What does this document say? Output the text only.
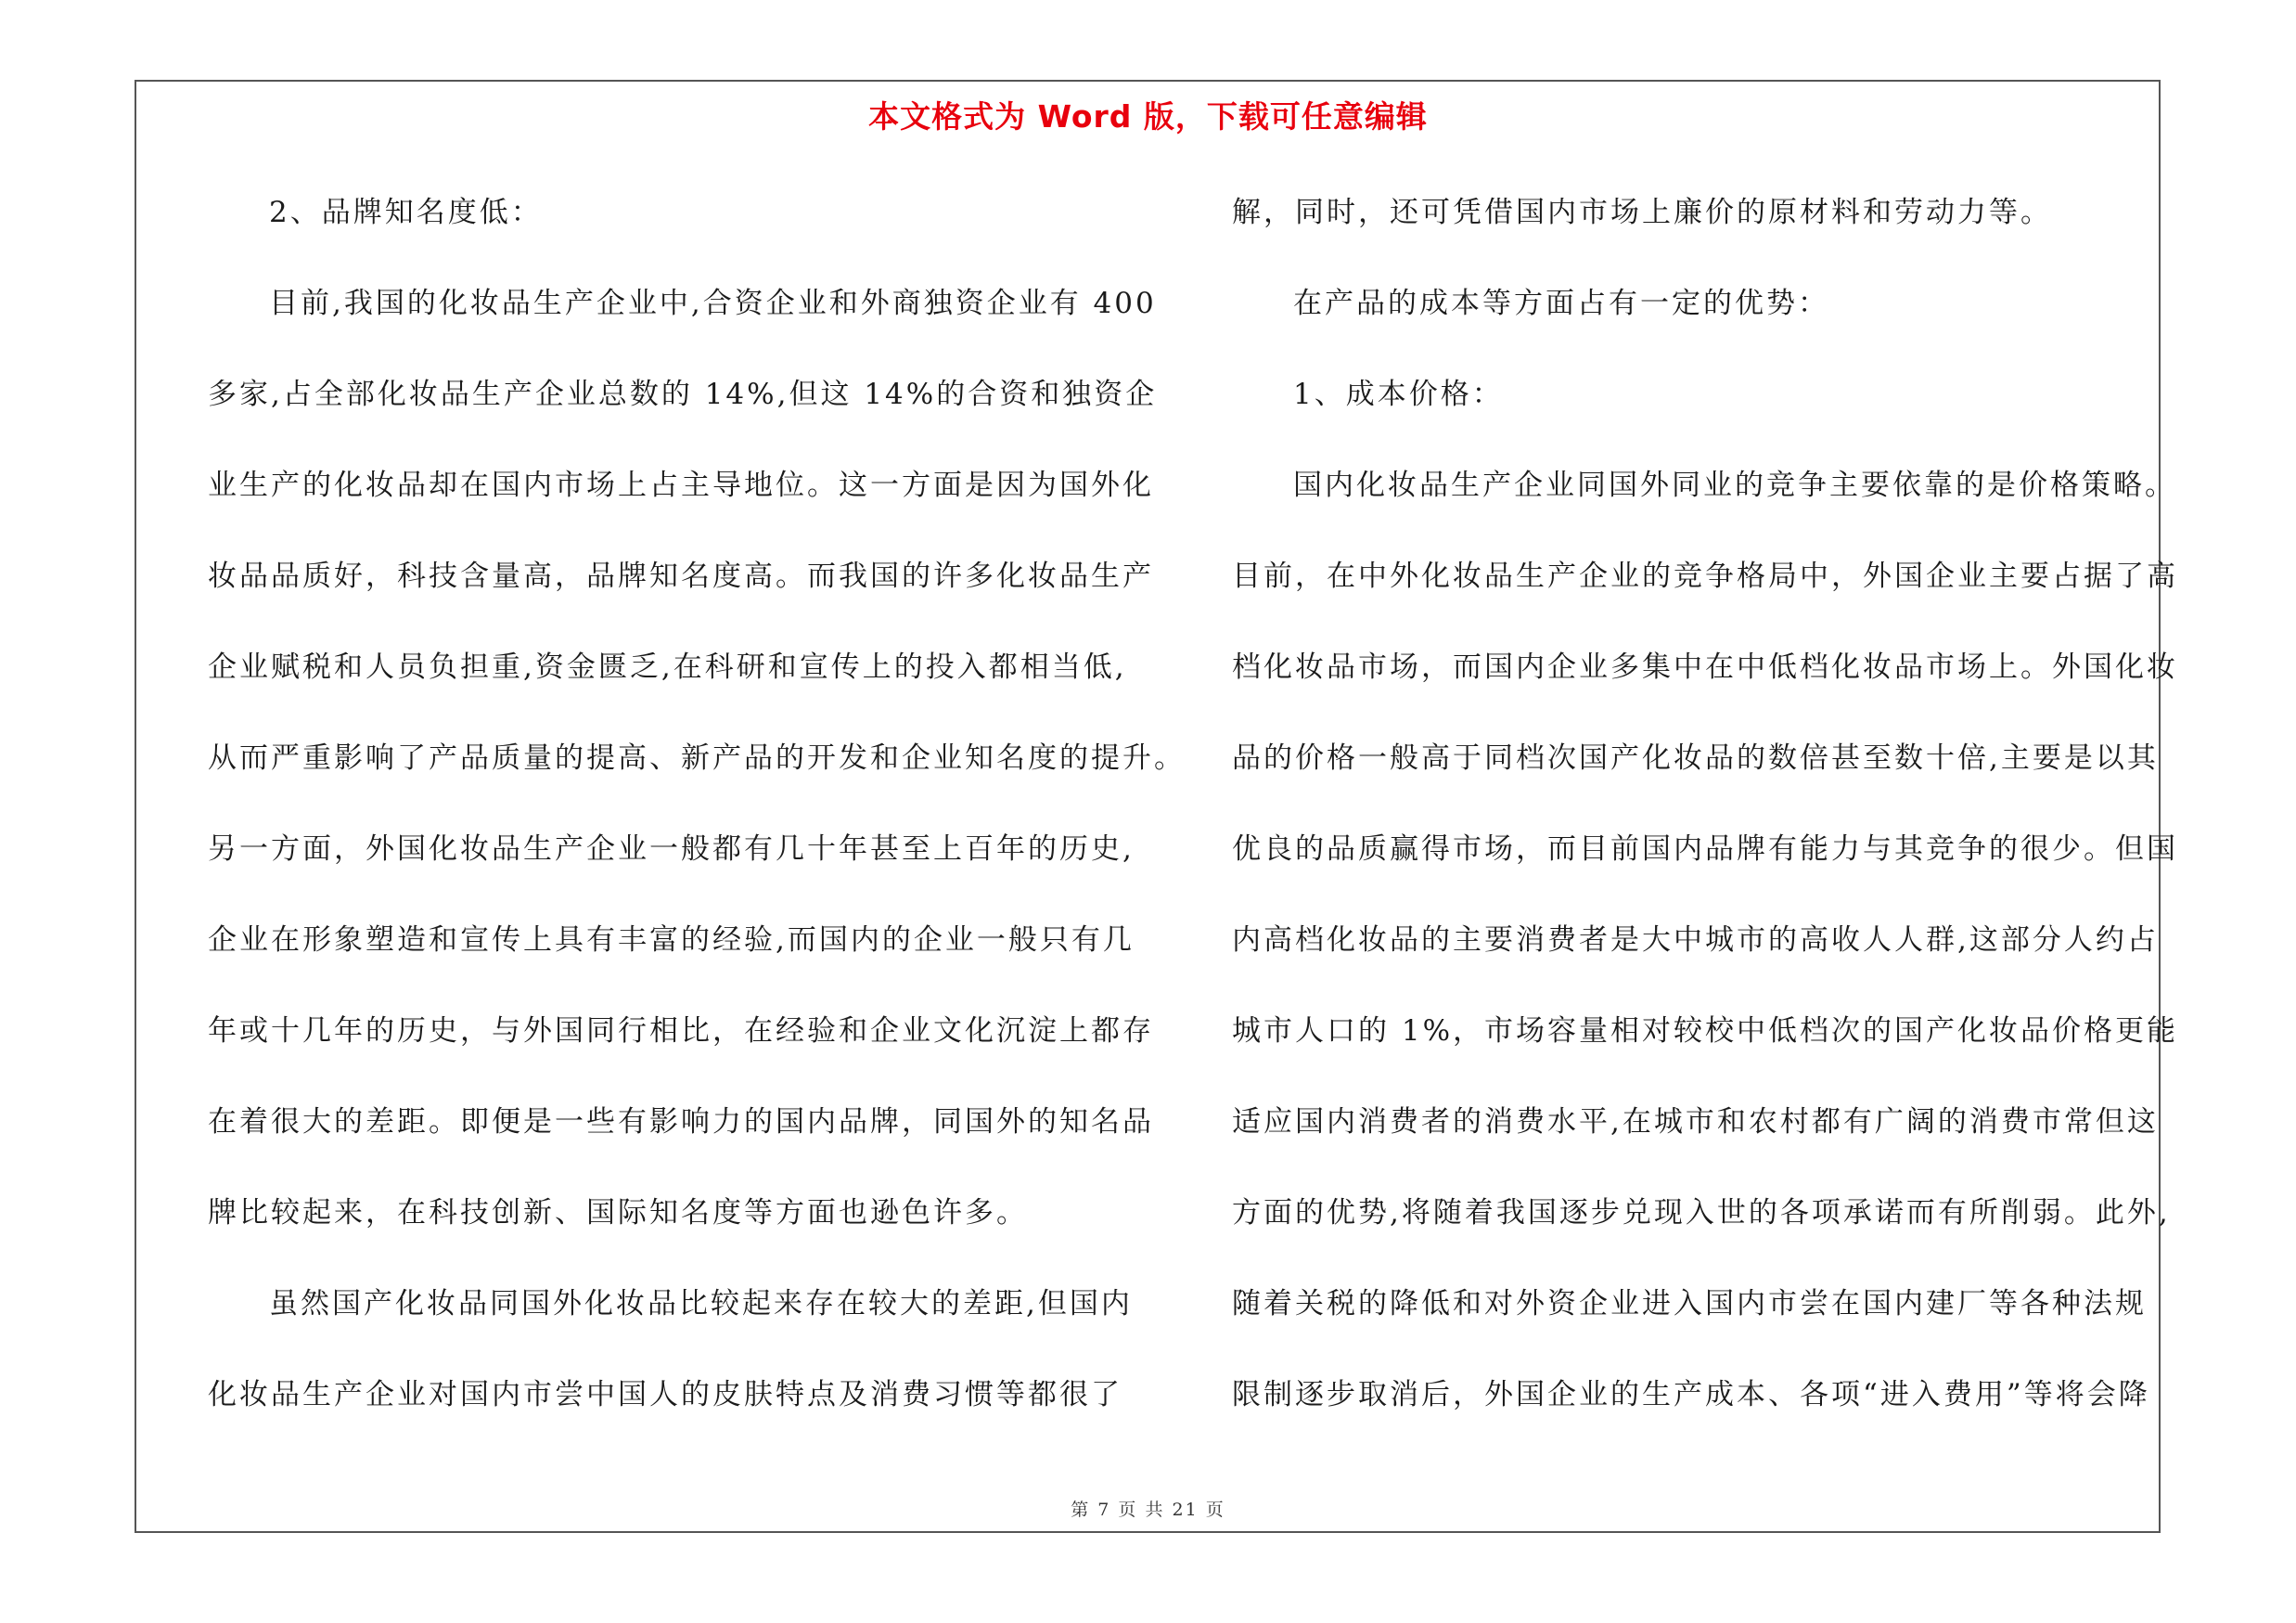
本文格式为 Word 版，下载可任意编辑
2、品牌知名度低：
目前,我国的化妆品生产企业中,合资企业和外商独资企业有 400
多家,占全部化妆品生产企业总数的 14%,但这 14%的合资和独资企
业生产的化妆品却在国内市场上占主导地位。这一方面是因为国外化
妆品品质好，科技含量高，品牌知名度高。而我国的许多化妆品生产
企业赋税和人员负担重,资金匮乏,在科研和宣传上的投入都相当低,
从而严重影响了产品质量的提高、新产品的开发和企业知名度的提升。
另一方面，外国化妆品生产企业一般都有几十年甚至上百年的历史,
企业在形象塑造和宣传上具有丰富的经验,而国内的企业一般只有几
年或十几年的历史，与外国同行相比，在经验和企业文化沉淀上都存
在着很大的差距。即便是一些有影响力的国内品牌，同国外的知名品
牌比较起来，在科技创新、国际知名度等方面也逊色许多。
虽然国产化妆品同国外化妆品比较起来存在较大的差距,但国内
化妆品生产企业对国内市尝中国人的皮肤特点及消费习惯等都很了
解，同时，还可凭借国内市场上廉价的原材料和劳动力等。
在产品的成本等方面占有一定的优势：
1、成本价格：
国内化妆品生产企业同国外同业的竞争主要依靠的是价格策略。
目前，在中外化妆品生产企业的竞争格局中，外国企业主要占据了高
档化妆品市场，而国内企业多集中在中低档化妆品市场上。外国化妆
品的价格一般高于同档次国产化妆品的数倍甚至数十倍,主要是以其
优良的品质赢得市场，而目前国内品牌有能力与其竞争的很少。但国
内高档化妆品的主要消费者是大中城市的高收人人群,这部分人约占
城市人口的 1%，市场容量相对较校中低档次的国产化妆品价格更能
适应国内消费者的消费水平,在城市和农村都有广阔的消费市常但这
方面的优势,将随着我国逐步兑现入世的各项承诺而有所削弱。此外,
随着关税的降低和对外资企业进入国内市尝在国内建厂等各种法规
限制逐步取消后，外国企业的生产成本、各项“进入费用”等将会降
第 7 页 共 21 页
